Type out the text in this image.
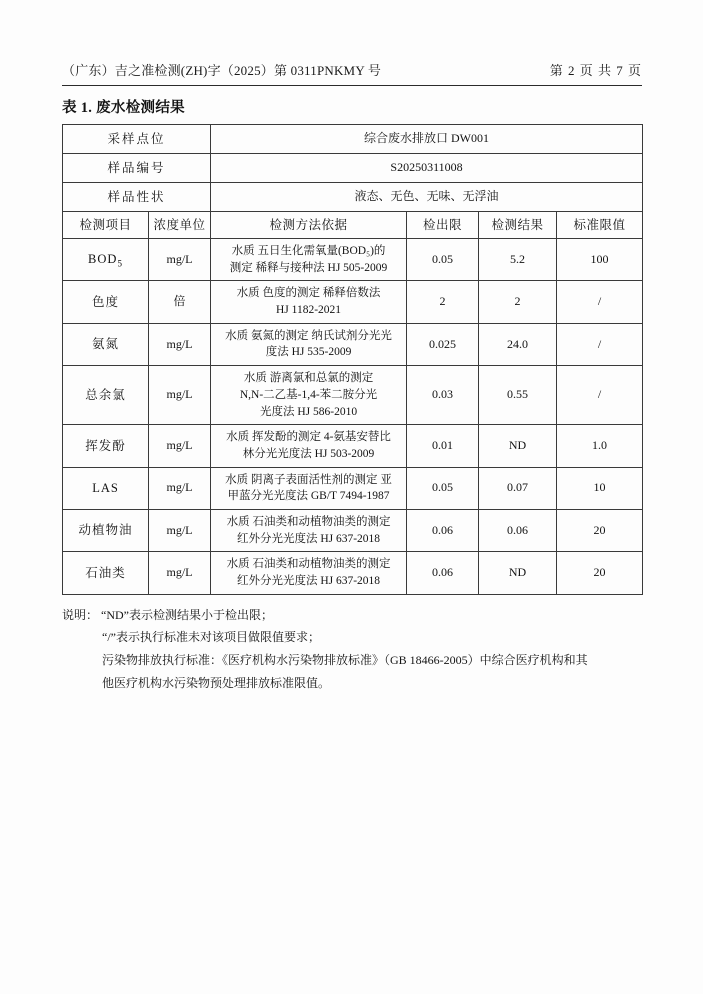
（广东）吉之准检测(ZH)字（2025）第 0311PNKMY 号	第 2 页 共 7 页
表 1. 废水检测结果
采样点位		综合废水排放口 DW001			
样品编号		S20250311008			
样品性状		液态、无色、无味、无浮油			
检测项目	浓度单位	检测方法依据	检出限	检测结果	标准限值
$BOD_5$	mg/L	水质 五日生化需氧量(BOD₅)的
测定 稀释与接种法 HJ 505-2009	0.05	5.2	100
色度	倍	水质 色度的测定 稀释倍数法
HJ 1182-2021	2	2	/
氨氮	mg/L	水质 氨氮的测定 纳氏试剂分光光
度法 HJ 535-2009	0.025	24.0	/
总余氯	mg/L	水质 游离氯和总氯的测定
N,N-二乙基-1,4-苯二胺分光
光度法 HJ 586-2010	0.03	0.55	/
挥发酚	mg/L	水质 挥发酚的测定 4-氨基安替比
林分光光度法 HJ 503-2009	0.01	ND	1.0
LAS	mg/L	水质 阴离子表面活性剂的测定 亚
甲蓝分光光度法 GB/T 7494-1987	0.05	0.07	10
动植物油	mg/L	水质 石油类和动植物油类的测定
红外分光光度法 HJ 637-2018	0.06	0.06	20
石油类	mg/L	水质 石油类和动植物油类的测定
红外分光光度法 HJ 637-2018	0.06	ND	20
说明： “ND”表示检测结果小于检出限；
“/”表示执行标准未对该项目做限值要求；
污染物排放执行标准：《医疗机构水污染物排放标准》（GB 18466-2005）中综合医疗机构和其
他医疗机构水污染物预处理排放标准限值。
